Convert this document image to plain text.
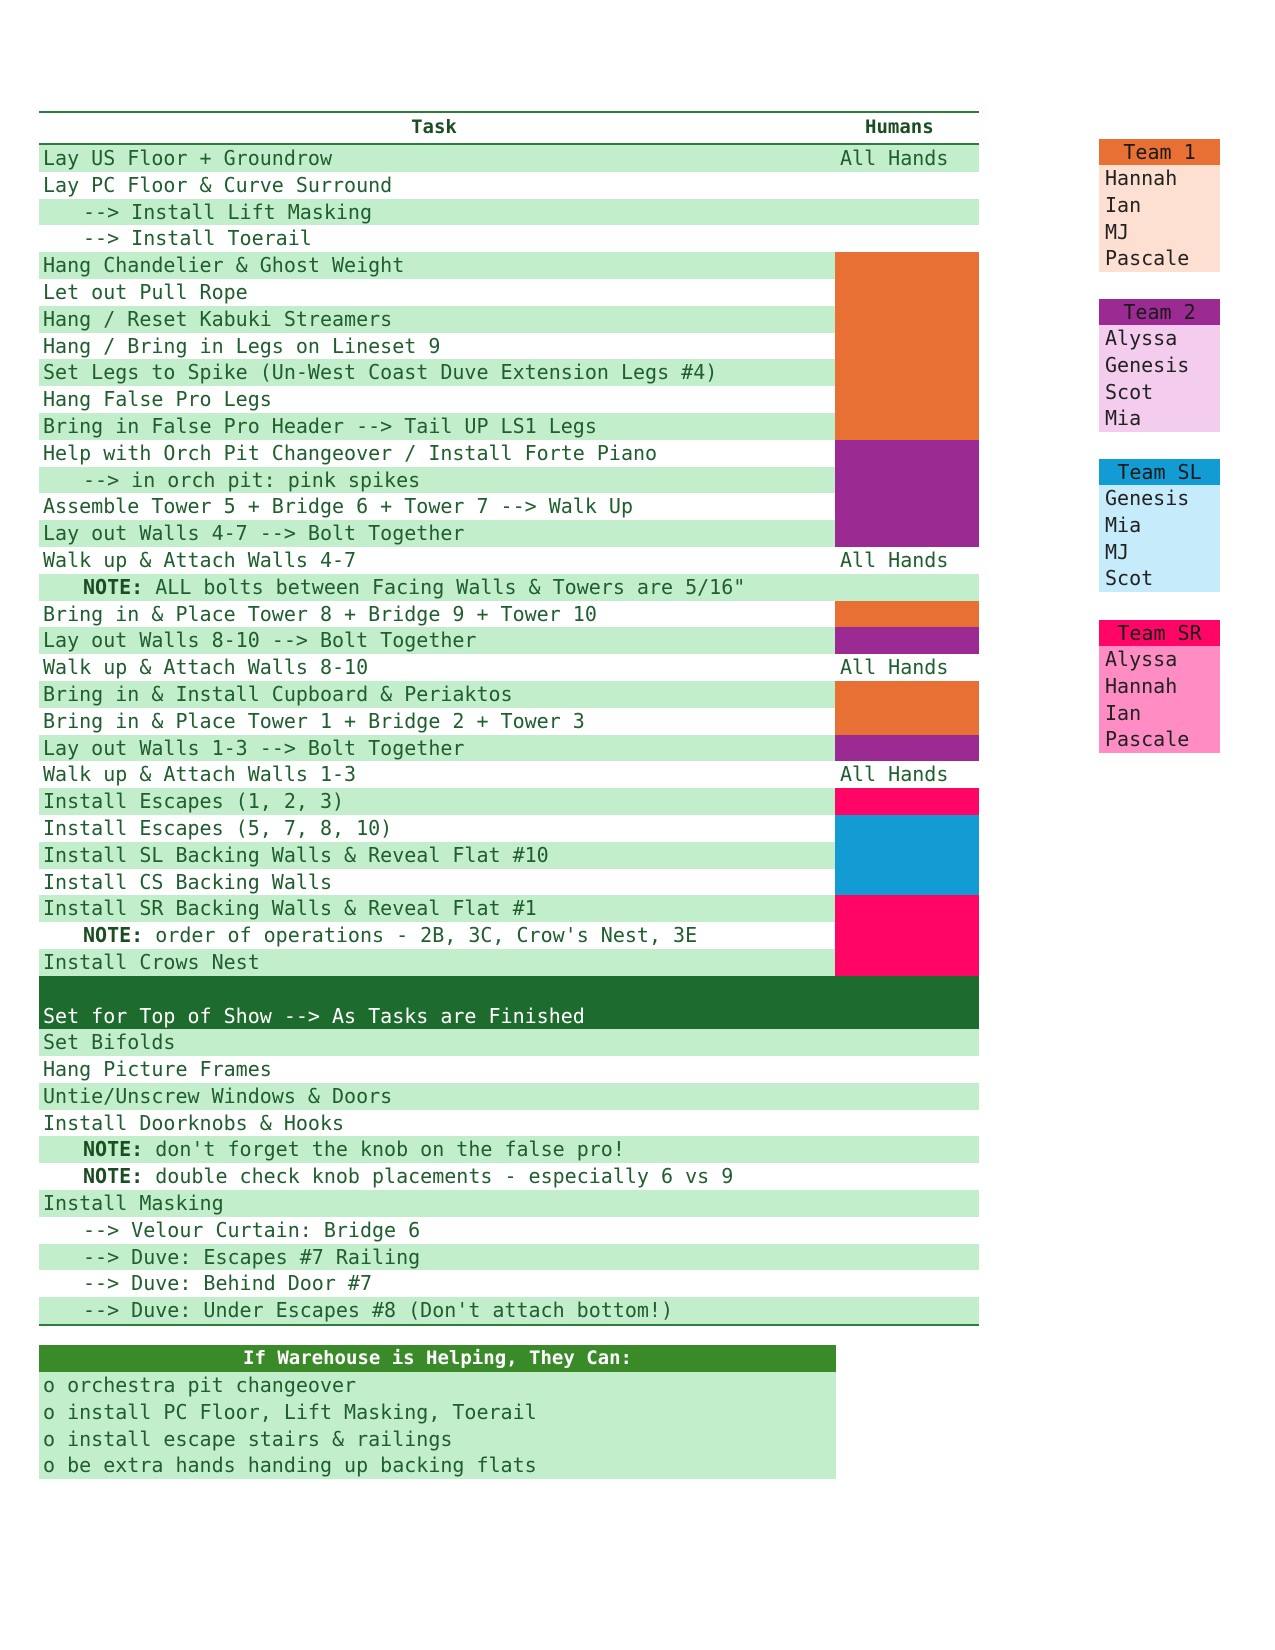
Task	Humans
Lay US Floor + Groundrow	All Hands
Lay PC Floor & Curve Surround
--> Install Lift Masking
--> Install Toerail
Hang Chandelier & Ghost Weight
Let out Pull Rope
Hang / Reset Kabuki Streamers
Hang / Bring in Legs on Lineset 9
Set Legs to Spike (Un-West Coast Duve Extension Legs #4)
Hang False Pro Legs
Bring in False Pro Header --> Tail UP LS1 Legs
Help with Orch Pit Changeover / Install Forte Piano
--> in orch pit: pink spikes
Assemble Tower 5 + Bridge 6 + Tower 7 --> Walk Up
Lay out Walls 4-7 --> Bolt Together
Walk up & Attach Walls 4-7	All Hands
NOTE: ALL bolts between Facing Walls & Towers are 5/16"
Bring in & Place Tower 8 + Bridge 9 + Tower 10
Lay out Walls 8-10 --> Bolt Together
Walk up & Attach Walls 8-10	All Hands
Bring in & Install Cupboard & Periaktos
Bring in & Place Tower 1 + Bridge 2 + Tower 3
Lay out Walls 1-3 --> Bolt Together
Walk up & Attach Walls 1-3	All Hands
Install Escapes (1, 2, 3)
Install Escapes (5, 7, 8, 10)
Install SL Backing Walls & Reveal Flat #10
Install CS Backing Walls
Install SR Backing Walls & Reveal Flat #1
NOTE: order of operations - 2B, 3C, Crow's Nest, 3E
Install Crows Nest
Set for Top of Show --> As Tasks are Finished
Set Bifolds
Hang Picture Frames
Untie/Unscrew Windows & Doors
Install Doorknobs & Hooks
NOTE: don't forget the knob on the false pro!
NOTE: double check knob placements - especially 6 vs 9
Install Masking
--> Velour Curtain: Bridge 6
--> Duve: Escapes #7 Railing
--> Duve: Behind Door #7
--> Duve: Under Escapes #8 (Don't attach bottom!)
If Warehouse is Helping, They Can:
o orchestra pit changeover
o install PC Floor, Lift Masking, Toerail
o install escape stairs & railings
o be extra hands handing up backing flats
Team 1
Hannah
Ian
MJ
Pascale
Team 2
Alyssa
Genesis
Scot
Mia
Team SL
Genesis
Mia
MJ
Scot
Team SR
Alyssa
Hannah
Ian
Pascale
